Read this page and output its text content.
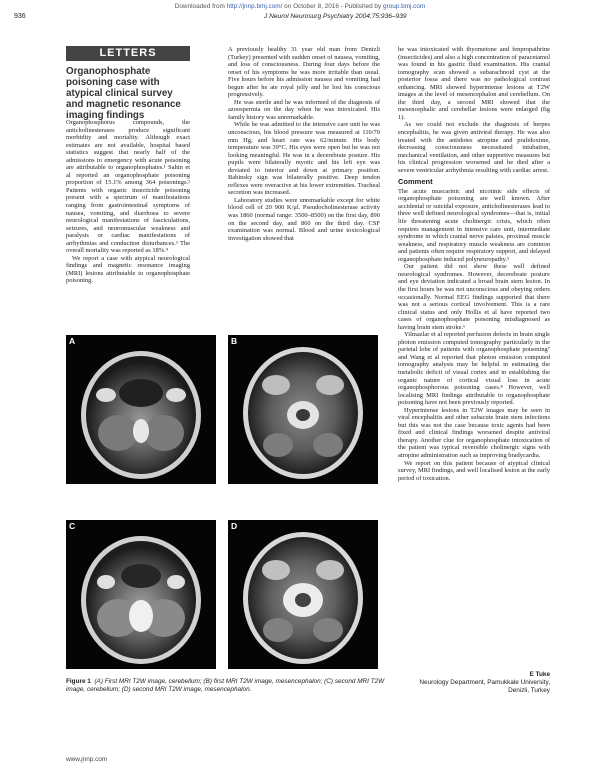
Downloaded from http://jnnp.bmj.com/ on October 8, 2016 - Published by group.bmj.com
936	J Neurol Neurosurg Psychiatry 2004;75:936–939
LETTERS
Organophosphate poisoning case with atypical clinical survey and magnetic resonance imaging findings

Organophosphorus compounds, the anticholinesterases produce significant morbidity and mortality. Although exact estimates are not available, hospital based statistics suggest that nearly half of the admissions to emergency with acute poisoning are attributable to organophosphates.¹ Sahin et al reported an organophosphate poisoning proportion of 15.1% among 364 poisonings.² Patients with organic insecticide poisoning present with a spectrum of manifestations ranging from gastrointestinal symptoms of nausea, vomiting, and diarrhoea to severe neurological manifestations of fasciculations, seizures, and neuromuscular weakness and paralysis or cardiac manifestations of arrhythmias and conduction disturbances.³ The overall mortality was reported as 18%.⁴

We report a case with atypical neurological findings and magnetic resonance imaging (MRI) lesions attributable to organophosphate poisoning.

A previously healthy 31 year old man from Denizli (Turkey) presented with sudden onset of nausea, vomiting, and loss of consciousness. During four days before the onset of his symptoms he was more irritable than usual. Five hours before his admission nausea and vomiting had begun after he ate royal jelly and he lost his conscious progressively.

He was sterile and he was informed of the diagnosis of azoospermia on the day when he was intoxicated. His family history was unremarkable.

While he was admitted to the intensive care unit he was unconscious, his blood pressure was measured at 110/70 mm Hg, and heart rate was 62/minute. His body temperature was 39°C. His eyes were open but he was not looking meaningful. He was in a decerebrate posture. His pupils were bilaterally myotic and his left eye was deviated to interior and down at primary position. Babinsky sign was bilaterally positive. Deep tendon reflexes were overactive at his lower extremities. Tracheal secretion was increased.

Laboratory studies were unremarkable except for white blood cell of 20 900 K/μl. Pseudocholinesterase activity was 1860 (normal range: 3500–8500) on the first day, 890 on the second day, and 860 on the third day. CSF examination was normal. Blood and urine toxicological investigation showed that

he was intoxicated with thyometone and fenpropathrine (insecticides) and also a high concentration of paracetamol was found in his gastric fluid examination. His cranial tomography scan showed a subarachnoid cyst at the posterior fossa and there was no pathological contrast enhancing. MRI showed hyperintense lesions at T2W images at the level of mesencephalon and cerebellum. On the third day, a second MRI showed that the mesencephalic and cerebellar lesions were enlarged (fig 1).

As we could not exclude the diagnosis of herpes encephalitis, he was given antiviral therapy. He was also treated with the antidotes atropine and pralidoxime, decreasing consciousness necessitated intubation, mechanical ventilation, and other supportive measures but his clinical progression worsened and he died after a severe ventricular arrhythmia resulting with cardiac arrest.

Comment

The acute muscarinic and nicotinic side effects of organophosphate poisoning are well known. After accidental or suicidal exposure, anticholinesterases lead to three well defined neurological syndromes—that is, initial life threatening acute cholinergic crisis, which often requires management in intensive care unit, intermediate syndrome in which cranial nerve palsies, proximal muscle weakness, and respiratory muscle weakness are common and patients often require respiratory support, and delayed organophosphate induced polyneuropathy.⁵

Our patient did not show these well defined neurological syndromes. However, decerebrate posture and eye deviation indicated a broad brain stem lesion. In the first hours he was not unconscious and obeying orders occasionally. Normal EEG findings supported that there was not a serious cortical involvement. This is a rare clinical status and only Hollis et al have reported two cases of organophosphate poisoning misdiagnosed as having brain stem stroke.⁶

Yilmazlar et al reported perfusion defects in brain single photon emission computed tomography particularly in the parietal lobe of patients with organophosphate poisoning⁷ and Wang et al reported that photon emission computed tomography analysis may be helpful in estimating the metabolic deficit of visual cortex and in establishing the organic nature of cortical visual loss in acute organophosphorous poisoning cases.⁸ However, well localising MRI findings attributable to organophosphate poisoning have not been previously reported.

Hyperintense lesions in T2W images may be seen in viral encephalitis and other subacute brain stem infections but this was not the case because toxic agents had been fixed and clinical findings worsened despite antiviral therapy. Another clue for organophosphate intoxication of the patient was typical reversible cholinergic signs with atropine administration such as improving bradycardia.

We report on this patient because of atypical clinical survey, MRI findings, and well localised lesion at the early period of toxication.

A	B
C	D
Figure 1 (A) First MRI T2W image, cerebellum; (B) first MRI T2W image, mesencephalon; (C) second MRI T2W image, cerebellum; (D) second MRI T2W image, mesencephalon.
E Tuke
Neurology Department, Pamukkale University, Denizli, Turkey
www.jnnp.com
